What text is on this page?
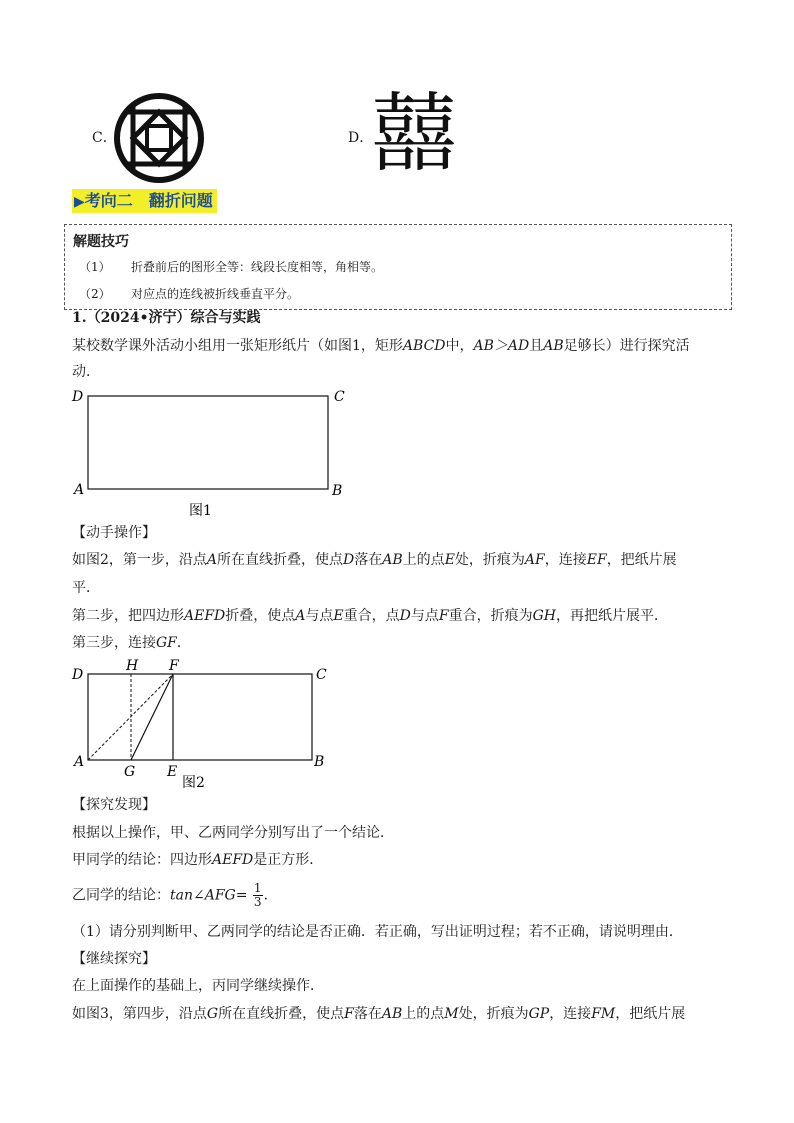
C．	D．
囍
▶考向二　翻折问题
解题技巧
（1） 折叠前后的图形全等：线段长度相等，角相等。
（2） 对应点的连线被折线垂直平分。
1.（2024•济宁）综合与实践
某校数学课外活动小组用一张矩形纸片（如图1，矩形ABCD中，AB＞AD且AB足够长）进行探究活
动．
D	C
A	B
图1
【动手操作】
如图2，第一步，沿点A所在直线折叠，使点D落在AB上的点E处，折痕为AF，连接EF，把纸片展
平．
第二步，把四边形AEFD折叠，使点A与点E重合，点D与点F重合，折痕为GH，再把纸片展平．
第三步，连接GF．
D
H F
C
A
G E
B
图2
【探究发现】
根据以上操作，甲、乙两同学分别写出了一个结论．
甲同学的结论：四边形AEFD是正方形．
乙同学的结论：tan∠AFG= $\frac{1}{3}$ ．
（1）请分别判断甲、乙两同学的结论是否正确．若正确，写出证明过程；若不正确，请说明理由．
【继续探究】
在上面操作的基础上，丙同学继续操作．
如图3，第四步，沿点G所在直线折叠，使点F落在AB上的点M处，折痕为GP，连接FM，把纸片展
